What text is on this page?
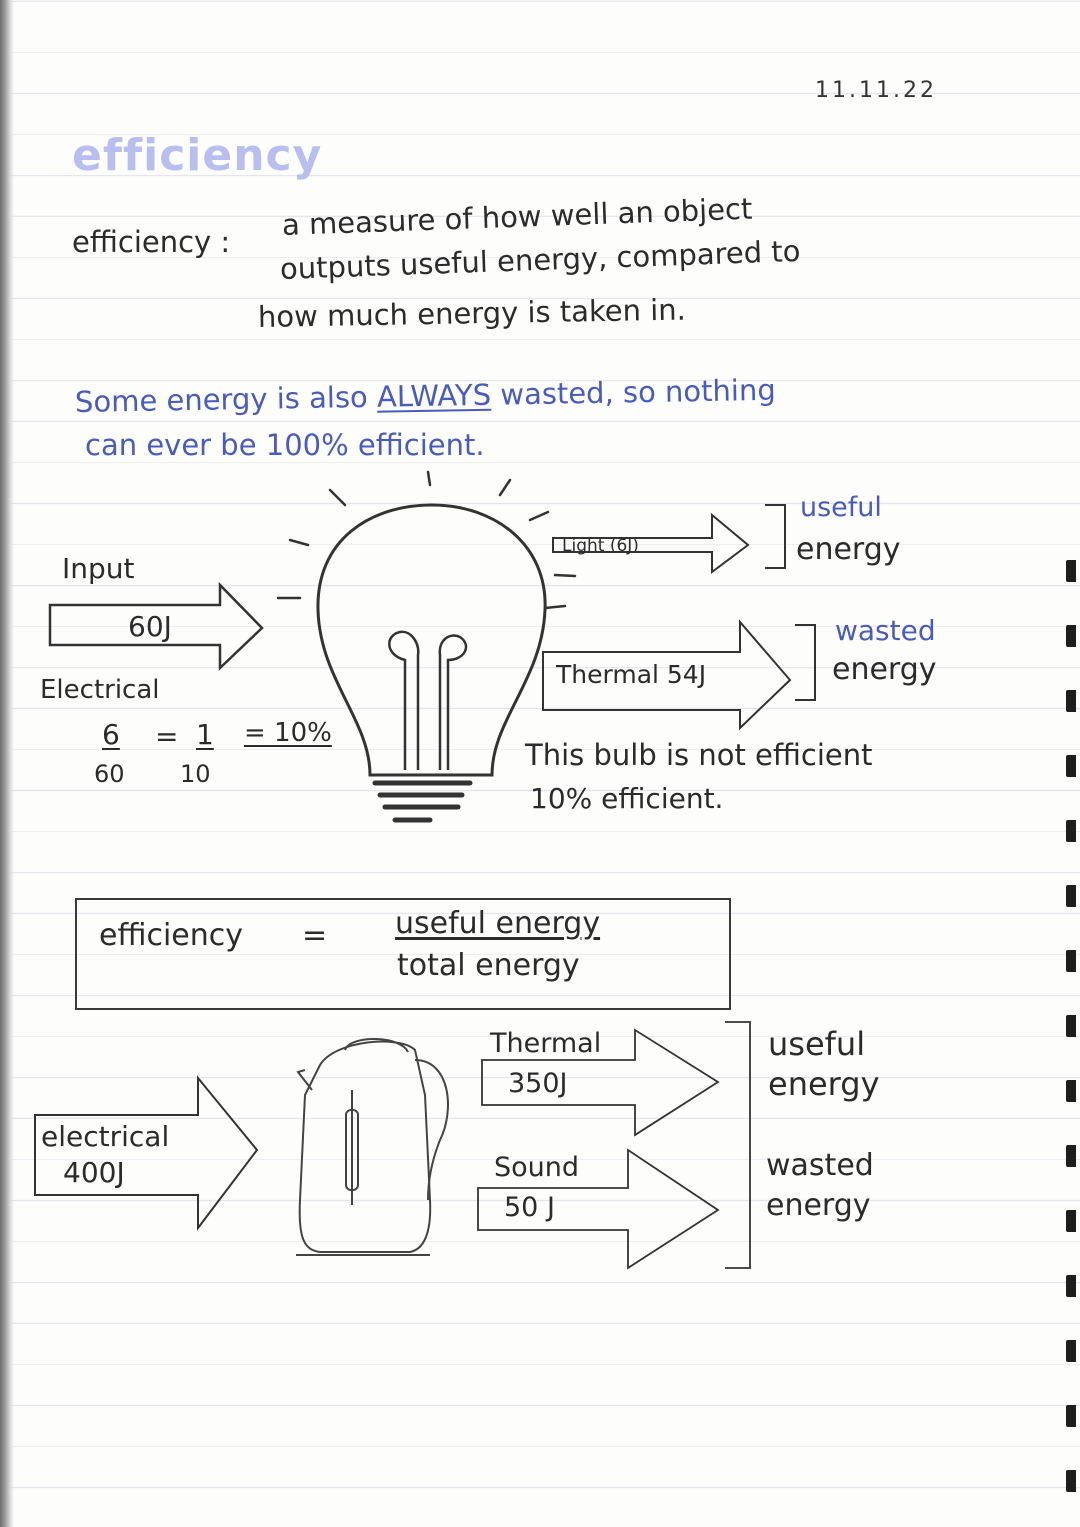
11.11.22
efficiency
efficiency :
a measure of how well an object
outputs useful energy, compared to
how much energy is taken in.
Some energy is also ALWAYS wasted, so nothing
can ever be 100% efficient.
Input
60J
Electrical
6
60
= 1
10
= 10%
Light (6J)
useful
energy
Thermal 54J
wasted
energy
This bulb is not efficient
10% efficient.
efficiency = useful energy
total energy
electrical
400J
Thermal
350J
Sound
50 J
useful
energy
wasted
energy
